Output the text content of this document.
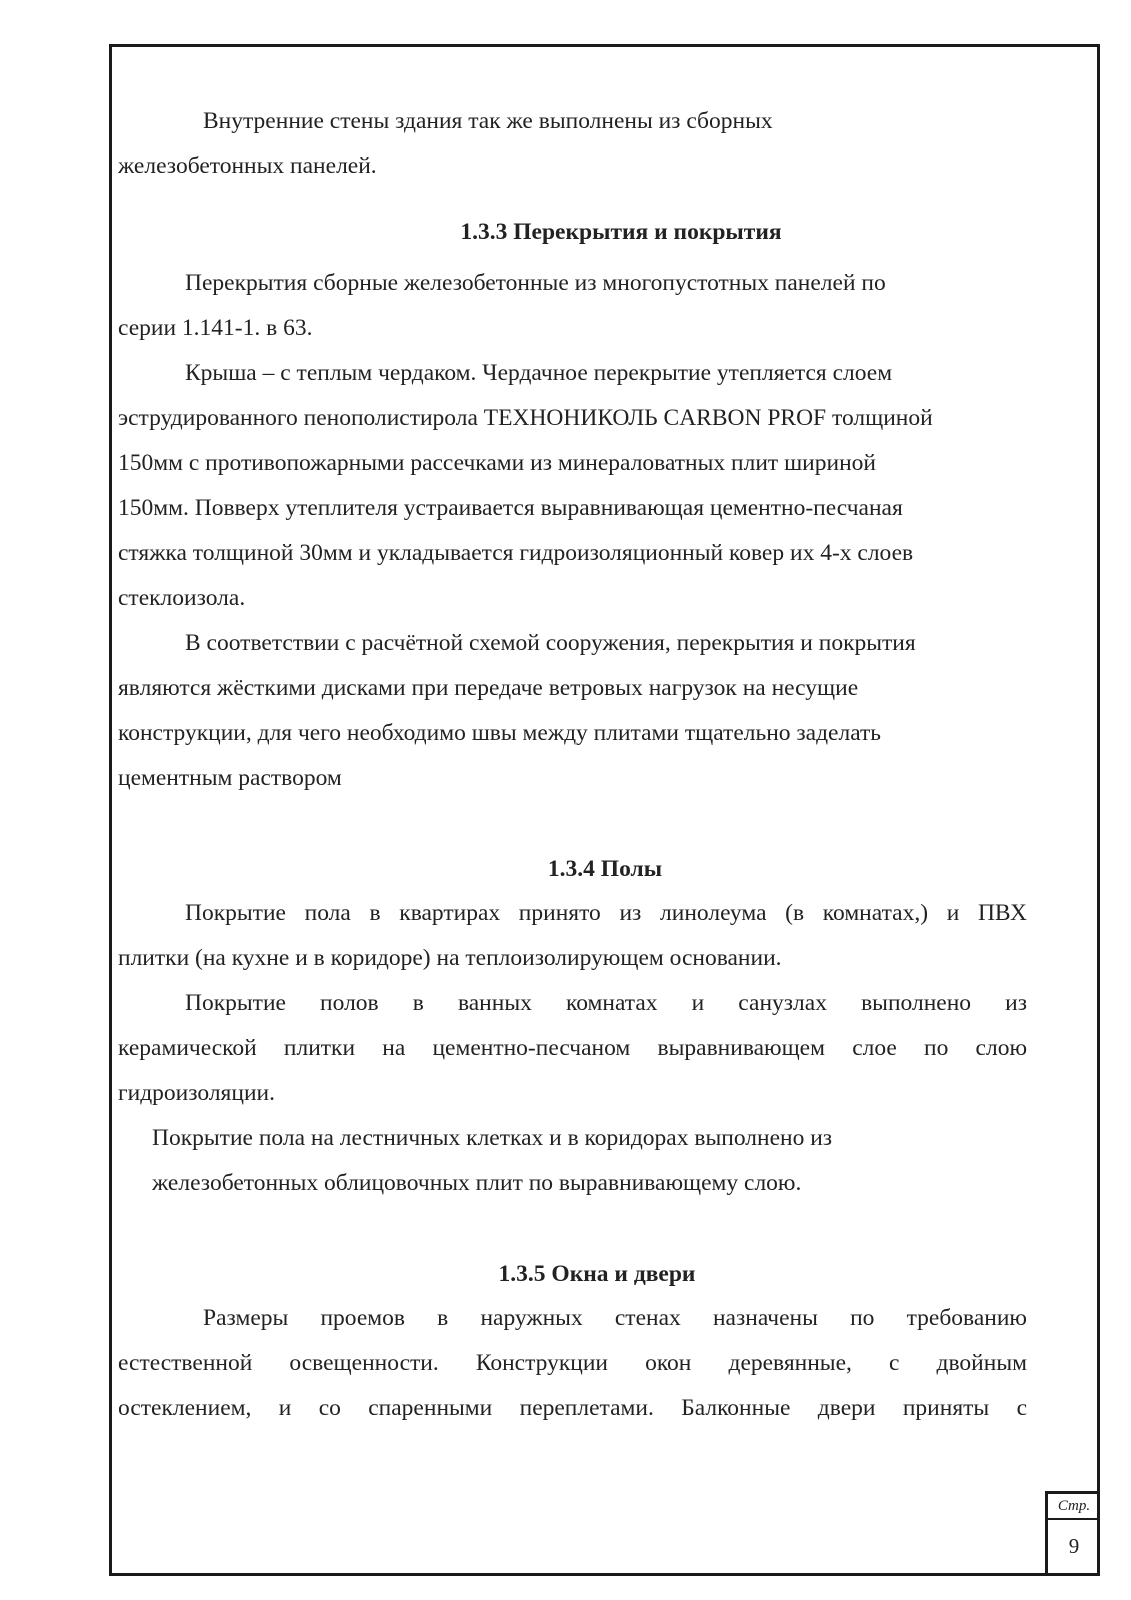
Внутренние стены здания так же выполнены из сборных

железобетонных панелей.

1.3.3 Перекрытия и покрытия

Перекрытия сборные железобетонные из многопустотных панелей по

серии 1.141-1. в 63.

Крыша – с теплым чердаком. Чердачное перекрытие утепляется слоем

эструдированного пенополистирола ТЕХНОНИКОЛЬ CARBON PROF толщиной

150мм с противопожарными рассечками из минераловатных плит шириной

150мм. Повверх утеплителя устраивается выравнивающая цементно-песчаная

стяжка толщиной 30мм и укладывается гидроизоляционный ковер их 4-х слоев

стеклоизола.

В соответствии с расчётной схемой сооружения, перекрытия и покрытия

являются жёсткими дисками при передаче ветровых нагрузок на несущие

конструкции, для чего необходимо швы между плитами тщательно заделать

цементным раствором

1.3.4 Полы

Покрытие пола в квартирах принято из линолеума (в комнатах,) и ПВХ

плитки (на кухне и в коридоре) на теплоизолирующем основании.

Покрытие полов в ванных комнатах и санузлах выполнено из

керамической плитки на цементно-песчаном выравнивающем слое по слою

гидроизоляции.

Покрытие пола на лестничных клетках и в коридорах выполнено из

железобетонных облицовочных плит по выравнивающему слою.

1.3.5 Окна и двери

Размеры проемов в наружных стенах назначены по требованию

естественной освещенности. Конструкции окон деревянные, с двойным

остеклением, и со спаренными переплетами. Балконные двери приняты с

Стр.
9
